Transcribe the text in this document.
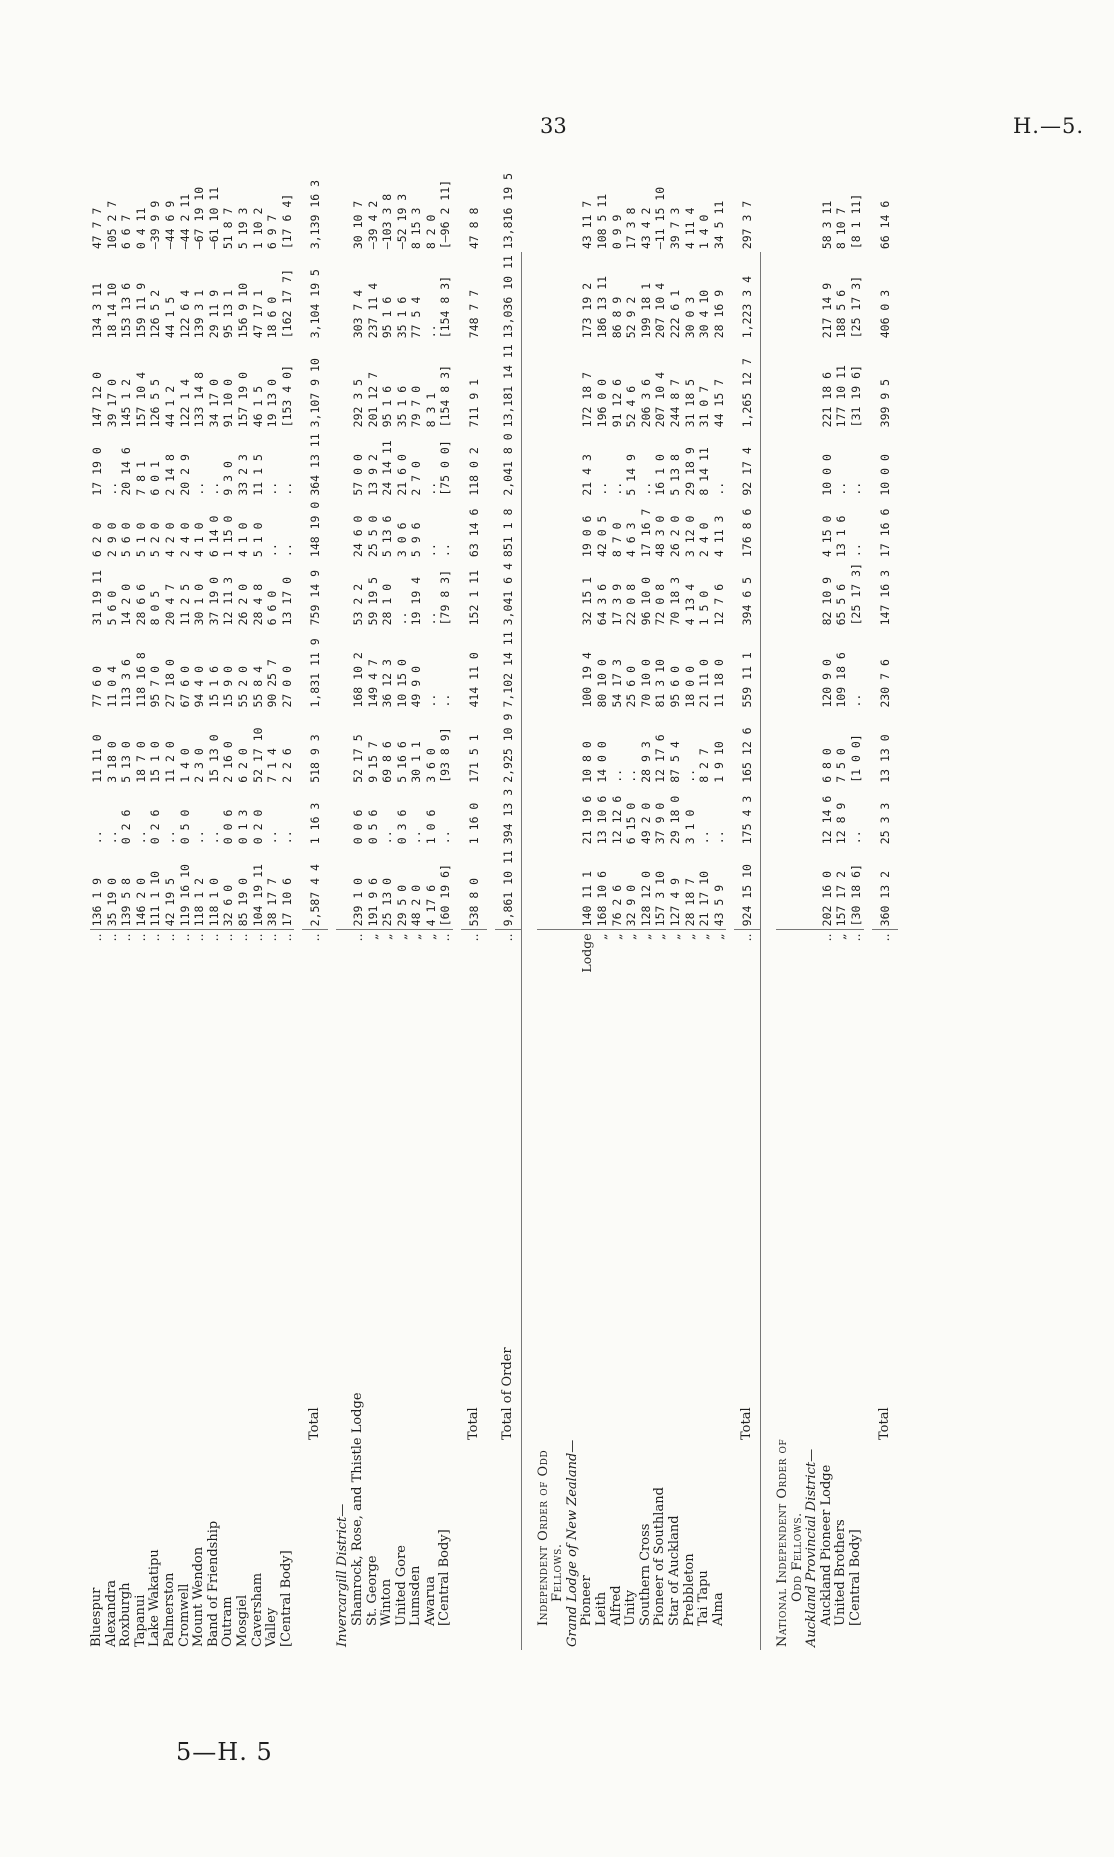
33	H.—5.
Bluespur	..	136 1 9	..	11 11 0	77 6 0	31 19 11	6 2 0	17 19 0	147 12 0	134 3 11	47 7 7
Alexandra	..	35 19 0	..	3 18 0	11 0 4	5 6 0	2 9 0	..	39 17 0	18 14 10	105 2 7
Roxburgh	..	139 5 8	0 2 6	5 13 0	113 3 6	14 2 0	5 6 0	20 14 6	145 1 2	153 13 6	6 6 7
Tapanui	..	146 2 0	..	18 7 0	118 16 8	28 6 6	5 1 0	7 8 1	157 10 4	159 11 9	0 4 11
Lake Wakatipu	..	111 1 10	0 2 6	15 1 0	95 7 0	8 0 5	5 2 0	6 0 1	126 5 5	126 5 2	—39 9 9
Palmerston	..	42 19 5	..	11 2 0	27 18 0	20 4 7	4 2 0	2 14 8	44 1 2	44 1 5	—44 6 9
Cromwell	..	119 16 10	0 5 0	1 4 0	67 6 0	11 2 5	2 4 0	20 2 9	122 1 4	122 6 4	—44 2 11
Mount Wendon	..	118 1 2	..	2 3 0	94 4 0	30 1 0	4 1 0	..	133 14 8	139 3 1	—67 19 10
Band of Friendship	..	118 1 0	..	15 13 0	15 1 6	37 19 0	6 14 0	..	34 17 0	29 11 9	—61 10 11
Outram	..	32 6 0	0 0 6	2 16 0	15 9 0	12 11 3	1 15 0	9 3 0	91 10 0	95 13 1	51 8 7
Mosgiel	..	85 19 0	0 1 3	6 2 0	55 2 0	26 2 0	4 1 0	33 2 3	157 19 0	156 9 10	5 19 3
Caversham	..	104 19 11	0 2 0	52 17 10	55 8 4	28 4 8	5 1 0	11 1 5	46 1 5	47 17 1	1 10 2
Valley	..	38 17 7	..	7 1 4	90 25 7	6 6 0	..	..	19 13 0	18 6 0	6 9 7
[Central Body]	..	17 10 6	..	2 2 6	27 0 0	13 17 0	..	..	[153 4 0]	[162 17 7]	[17 6 4]

Total	..	2,587 4 4	1 16 3	518 9 3	1,831 11 9	759 14 9	148 19 0	364 13 11	3,107 9 10	3,104 19 5	3,139 16 3

Invercargill District—											
Shamrock, Rose, and Thistle Lodge	..	239 1 0	0 0 6	52 17 5	168 10 2	53 2 2	24 6 0	57 0 0	292 3 5	303 7 4	30 10 7
St. George	„	191 9 6	0 5 6	9 15 7	149 4 7	59 19 5	25 5 0	13 9 2	201 12 7	237 11 4	—39 4 2
Winton	„	25 13 0	..	69 8 6	36 12 3	28 1 0	5 13 6	24 14 11	95 1 6	95 1 6	—103 3 8
United Gore	„	29 5 0	0 3 6	5 16 6	10 15 0	..	3 0 6	21 6 0	35 1 6	35 1 6	—52 19 3
Lumsden	„	48 2 0	..	30 1 1	49 9 0	19 19 4	5 9 6	2 7 0	79 7 0	77 5 4	8 15 3
Awarua	„	4 17 6	1 0 6	3 6 0	..	..	..	..	8 3 1	..	8 2 0
[Central Body]	..	[60 19 6]	..	[93 8 9]	..	[79 8 3]	..	[75 0 0]	[154 8 3]	[154 8 3]	[—96 2 11]

Total	..	538 8 0	1 16 0	171 5 1	414 11 0	152 1 11	63 14 6	118 0 2	711 9 1	748 7 7	47 8 8

Total of Order	..	9,861 10 11	394 13 3	2,925 10 9	7,102 14 11	3,041 6 4	851 1 8	2,041 8 0	13,181 14 11	13,036 10 11	13,816 19 5

Independent Order of Odd											
Fellows.											
Grand Lodge of New Zealand—											
Pioneer	Lodge	140 11 1	21 19 6	10 8 0	100 19 4	32 15 1	19 0 6	21 4 3	172 18 7	173 19 2	43 11 7
Leith	„	168 10 6	13 10 6	14 0 0	80 10 0	64 3 6	42 0 5	..	196 0 0	186 13 11	108 5 11
Alfred	„	76 2 6	12 12 6	..	54 17 3	17 3 9	8 7 0	..	91 12 6	86 8 9	0 9 9
Unity	„	32 9 0	6 15 0	..	25 6 0	22 0 8	4 6 3	5 14 9	52 4 6	52 9 2	17 3 8
Southern Cross	„	128 12 0	49 2 0	28 9 3	70 10 0	96 10 0	17 16 7	..	206 3 6	199 18 1	43 4 2
Pioneer of Southland	„	157 3 10	37 9 0	12 17 6	81 3 10	72 0 8	48 3 0	16 1 0	207 10 4	207 10 4	—11 15 10
Star of Auckland	„	127 4 9	29 18 0	87 5 4	95 6 0	70 18 3	26 2 0	5 13 8	244 8 7	222 6 1	39 7 3
Prebbleton	„	28 18 7	3 1 0	..	18 0 0	4 13 4	3 12 0	29 18 9	31 18 5	30 0 3	4 11 4
Tai Tapu	„	21 17 10	..	8 2 7	21 11 0	1 5 0	2 4 0	8 14 11	31 0 7	30 4 10	1 4 0
Alma	„	43 5 9	..	1 9 10	11 18 0	12 7 6	4 11 3	..	44 15 7	28 16 9	34 5 11

Total	..	924 15 10	175 4 3	165 12 6	559 11 1	394 6 5	176 8 6	92 17 4	1,265 12 7	1,223 3 4	297 3 7

National Independent Order of											
Odd Fellows.											
Auckland Provincial District—											
Auckland Pioneer Lodge	..	202 16 0	12 14 6	6 8 0	120 9 0	82 10 9	4 15 0	10 0 0	221 18 6	217 14 9	58 3 11
United Brothers	„	157 17 2	12 8 9	7 5 0	109 18 6	65 5 6	13 1 6	..	177 10 11	188 5 6	8 10 7
[Central Body]	..	[30 18 6]	..	[1 0 0]	..	[25 17 3]	..	..	[31 19 6]	[25 17 3]	[8 1 11]

Total	..	360 13 2	25 3 3	13 13 0	230 7 6	147 16 3	17 16 6	10 0 0	399 9 5	406 0 3	66 14 6
5—H. 5
